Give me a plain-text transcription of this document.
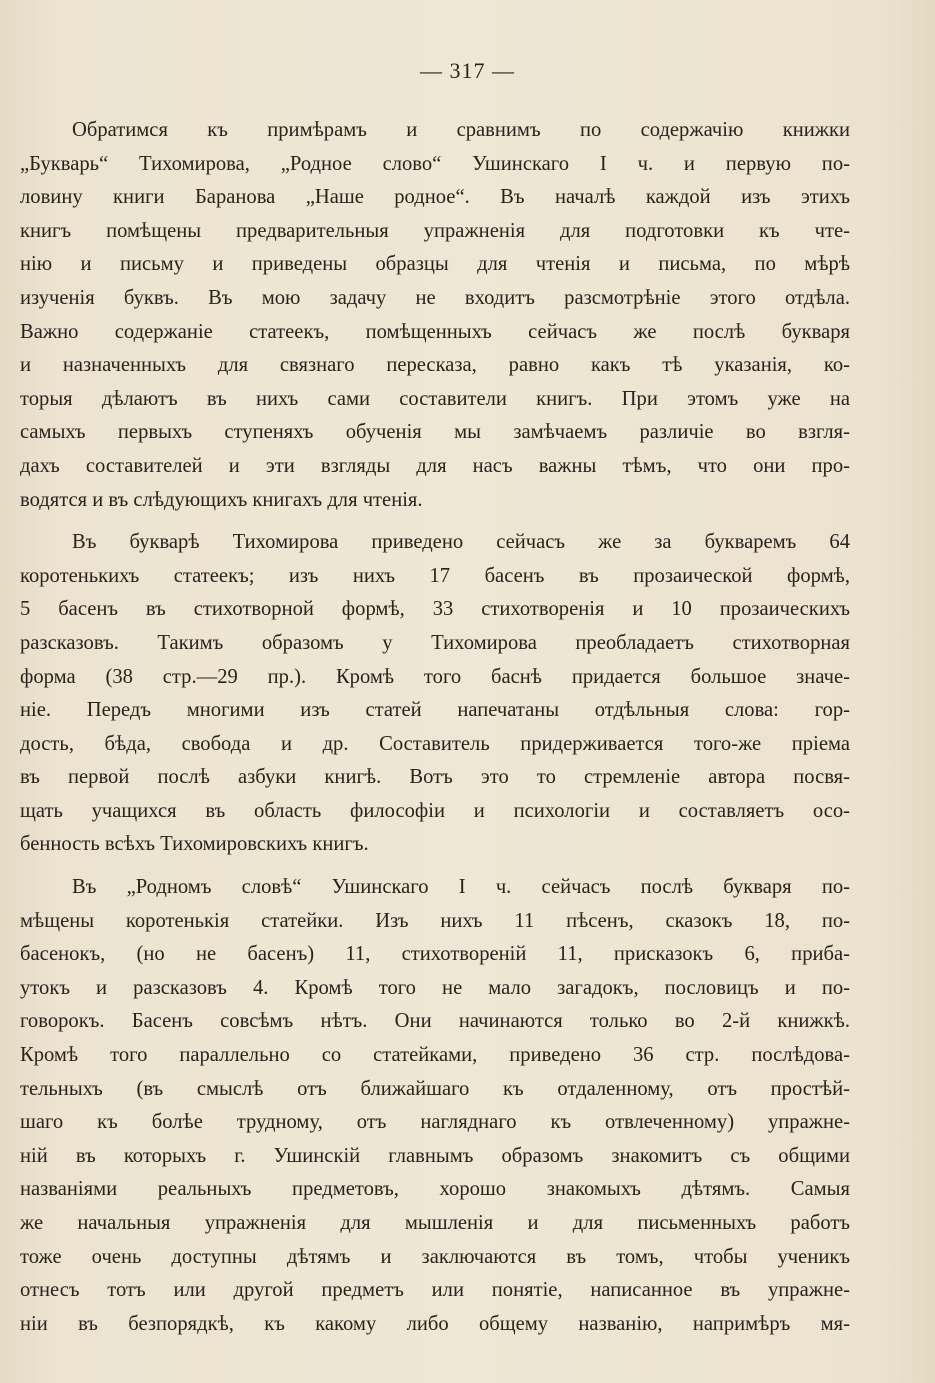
— 317 —
Обратимся къ примѣрамъ и сравнимъ по содержачію книжки
„Букварь“ Тихомирова, „Родное слово“ Ушинскаго I ч. и первую по-
ловину книги Баранова „Наше родное“. Въ началѣ каждой изъ этихъ
книгъ помѣщены предварительныя упражненія для подготовки къ чте-
нію и письму и приведены образцы для чтенія и письма, по мѣрѣ
изученія буквъ. Въ мою задачу не входитъ разсмотрѣніе этого отдѣла.
Важно содержаніе статеекъ, помѣщенныхъ сейчасъ же послѣ букваря
и назначенныхъ для связнаго пересказа, равно какъ тѣ указанія, ко-
торыя дѣлаютъ въ нихъ сами составители книгъ. При этомъ уже на
самыхъ первыхъ ступеняхъ обученія мы замѣчаемъ различіе во взгля-
дахъ составителей и эти взгляды для насъ важны тѣмъ, что они про-
водятся и въ слѣдующихъ книгахъ для чтенія.
Въ букварѣ Тихомирова приведено сейчасъ же за букваремъ 64
коротенькихъ статеекъ; изъ нихъ 17 басенъ въ прозаической формѣ,
5 басенъ въ стихотворной формѣ, 33 стихотворенія и 10 прозаическихъ
разсказовъ. Такимъ образомъ у Тихомирова преобладаетъ стихотворная
форма (38 стр.—29 пр.). Кромѣ того баснѣ придается большое значе-
ніе. Передъ многими изъ статей напечатаны отдѣльныя слова: гор-
дость, бѣда, свобода и др. Составитель придерживается того-же пріема
въ первой послѣ азбуки книгѣ. Вотъ это то стремленіе автора посвя-
щать учащихся въ область философіи и психологіи и составляетъ осо-
бенность всѣхъ Тихомировскихъ книгъ.
Въ „Родномъ словѣ“ Ушинскаго I ч. сейчасъ послѣ букваря по-
мѣщены коротенькія статейки. Изъ нихъ 11 пѣсенъ, сказокъ 18, по-
басенокъ, (но не басенъ) 11, стихотвореній 11, присказокъ 6, приба-
утокъ и разсказовъ 4. Кромѣ того не мало загадокъ, пословицъ и по-
говорокъ. Басенъ совсѣмъ нѣтъ. Они начинаются только во 2-й книжкѣ.
Кромѣ того параллельно со статейками, приведено 36 стр. послѣдова-
тельныхъ (въ смыслѣ отъ ближайшаго къ отдаленному, отъ простѣй-
шаго къ болѣе трудному, отъ нагляднаго къ отвлеченному) упражне-
ній въ которыхъ г. Ушинскій главнымъ образомъ знакомитъ съ общими
названіями реальныхъ предметовъ, хорошо знакомыхъ дѣтямъ. Самыя
же начальныя упражненія для мышленія и для письменныхъ работъ
тоже очень доступны дѣтямъ и заключаются въ томъ, чтобы ученикъ
отнесъ тотъ или другой предметъ или понятіе, написанное въ упражне-
ніи въ безпорядкѣ, къ какому либо общему названію, напримѣръ мя-
